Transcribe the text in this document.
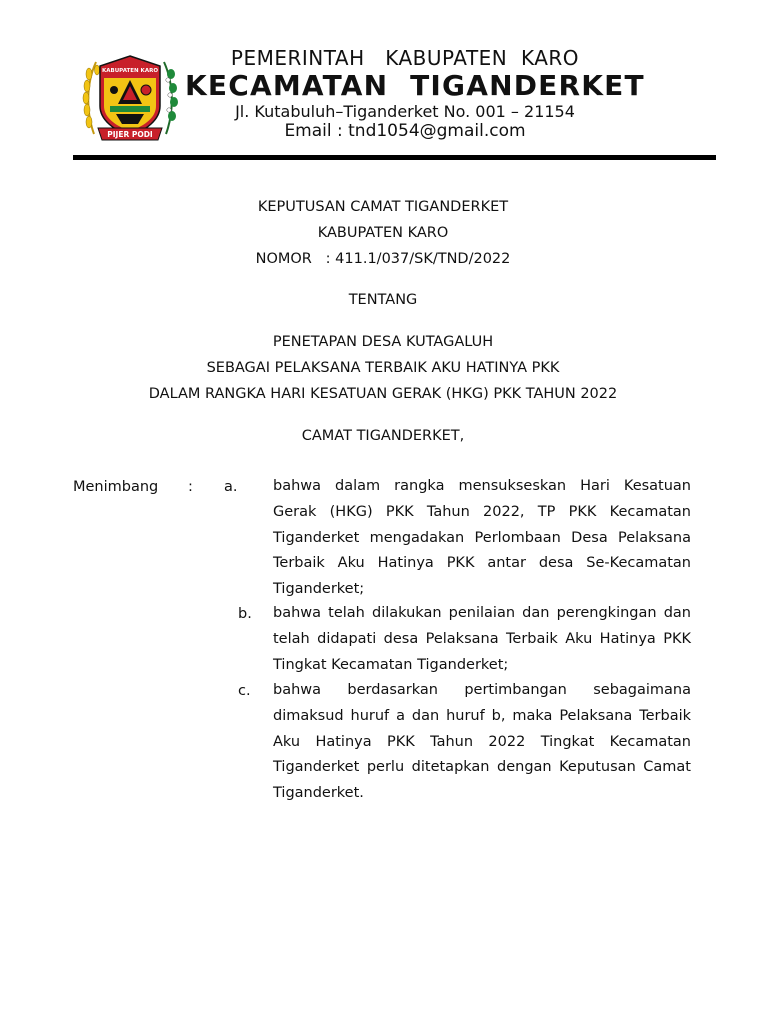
KABUPATEN KARO
PIJER PODI
PEMERINTAH   KABUPATEN  KARO
KECAMATAN  TIGANDERKET
Jl. Kutabuluh–Tiganderket No. 001 – 21154
Email : tnd1054@gmail.com
KEPUTUSAN CAMAT TIGANDERKET
KABUPATEN KARO
NOMOR   : 411.1/037/SK/TND/2022
TENTANG
PENETAPAN DESA KUTAGALUH
SEBAGAI PELAKSANA TERBAIK AKU HATINYA PKK
DALAM RANGKA HARI KESATUAN GERAK (HKG) PKK TAHUN 2022
CAMAT TIGANDERKET,
Menimbang : a. bahwa dalam rangka mensukseskan Hari Kesatuan Gerak (HKG) PKK Tahun 2022, TP PKK Kecamatan Tiganderket mengadakan Perlombaan Desa Pelaksana Terbaik Aku Hatinya PKK antar desa Se-Kecamatan Tiganderket;
b. bahwa telah dilakukan penilaian dan perengkingan dan telah didapati desa Pelaksana Terbaik Aku Hatinya PKK Tingkat Kecamatan Tiganderket;
c. bahwa berdasarkan pertimbangan sebagaimana dimaksud huruf a dan huruf b, maka Pelaksana Terbaik Aku Hatinya PKK Tahun 2022 Tingkat Kecamatan Tiganderket perlu ditetapkan dengan Keputusan Camat Tiganderket.
